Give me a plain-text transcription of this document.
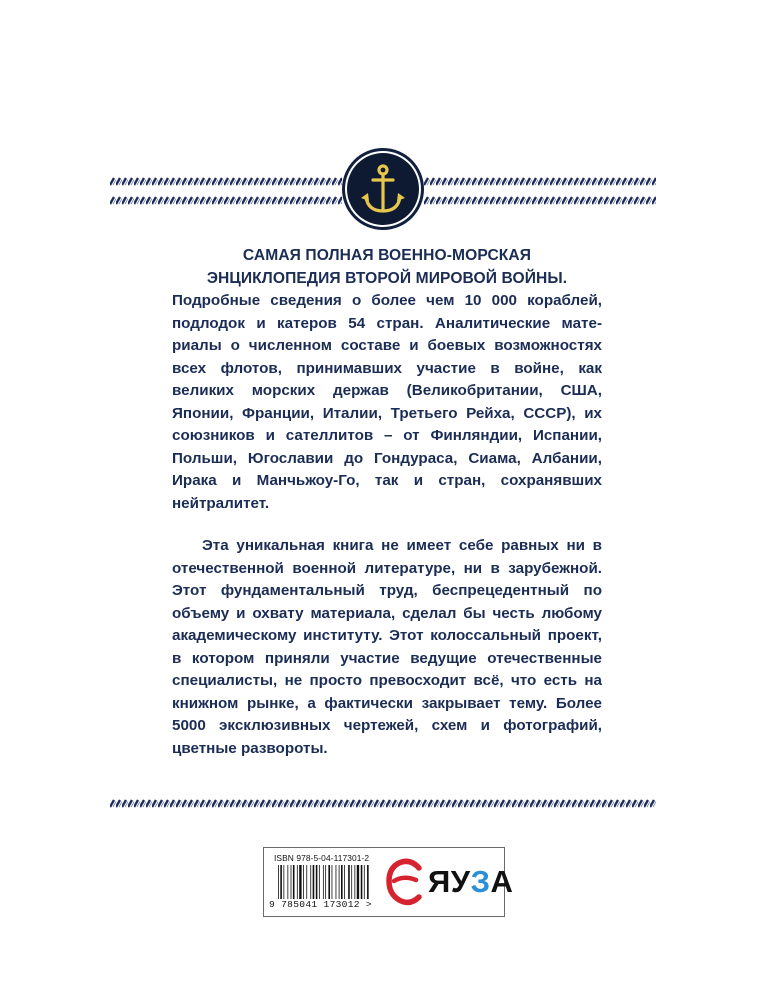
САМАЯ ПОЛНАЯ ВОЕННО-МОРСКАЯ
ЭНЦИКЛОПЕДИЯ ВТОРОЙ МИРОВОЙ ВОЙНЫ.
Подробные сведения о более чем 10 000 кораблей, подлодок и катеров 54 стран. Аналитические материалы о численном составе и боевых возможностях всех флотов, принимавших участие в войне, как великих морских держав (Великобритании, США, Японии, Франции, Италии, Третьего Рейха, СССР), их союзников и сателлитов – от Финляндии, Испании, Польши, Югославии до Гондураса, Сиама, Албании, Ирака и Манчьжоу-Го, так и стран, сохранявших нейтралитет.
Эта уникальная книга не имеет себе равных ни в отечественной военной литературе, ни в зарубежной. Этот фундаментальный труд, беспрецедентный по объему и охвату материала, сделал бы честь любому академическому институту. Этот колоссальный проект, в котором приняли участие ведущие отечественные специалисты, не просто превосходит всё, что есть на книжном рынке, а фактически закрывает тему. Более 5000 эксклюзивных чертежей, схем и фотографий, цветные развороты.
ISBN 978-5-04-117301-2
9 785041 173012 >
ЯУЗА
